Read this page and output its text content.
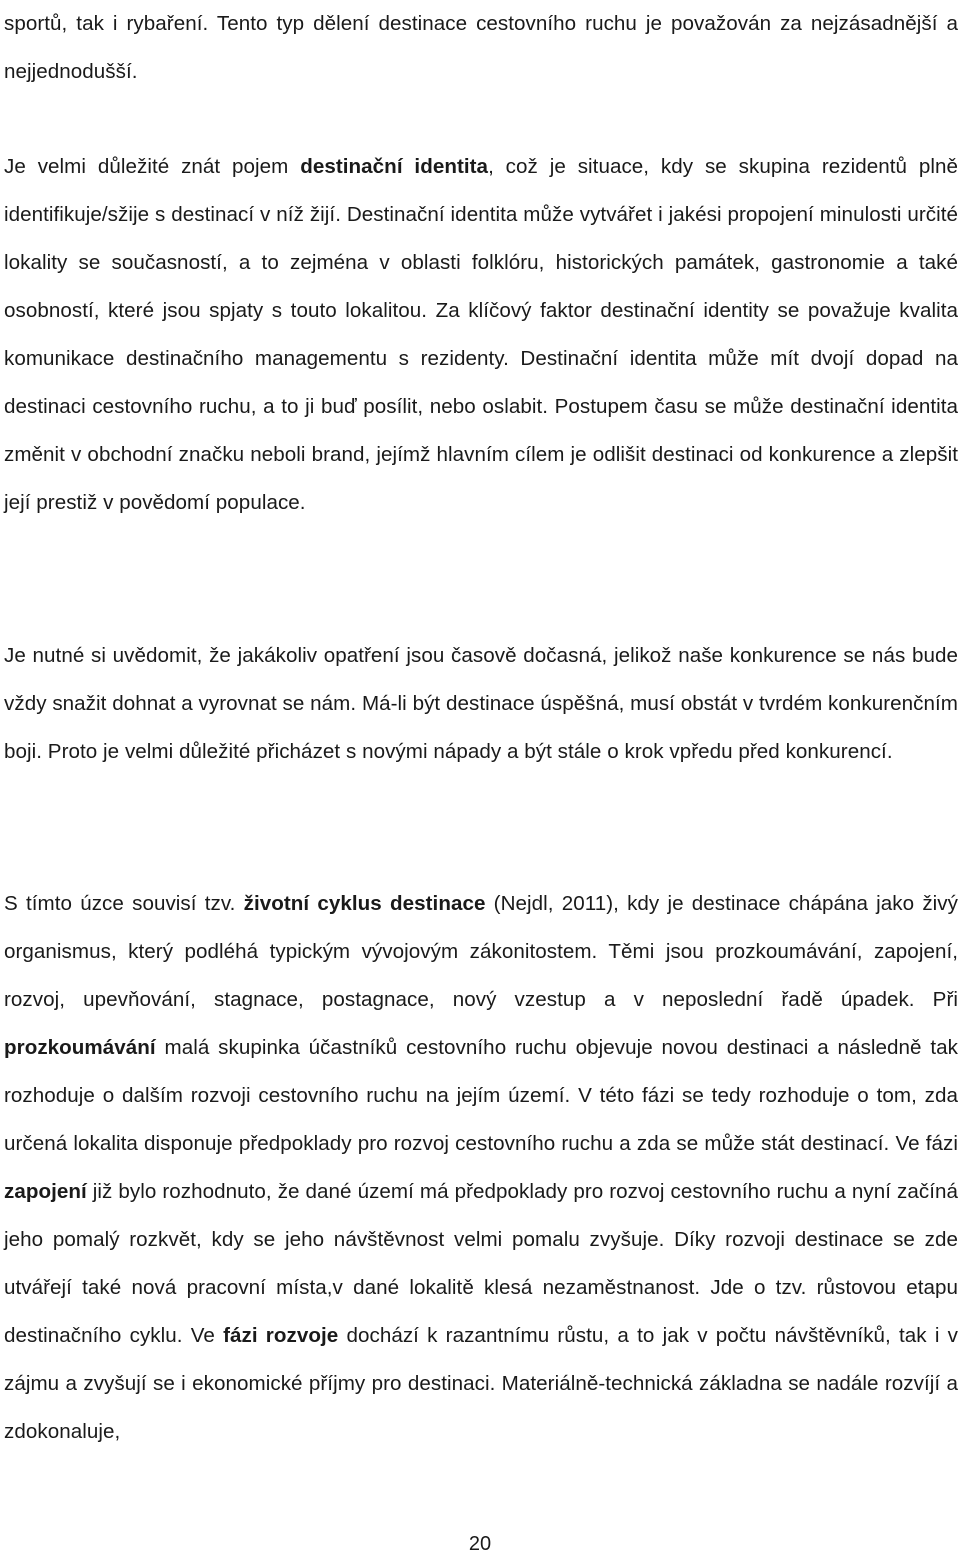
sportů, tak i rybaření. Tento typ dělení destinace cestovního ruchu je považován za nejzásadnější a nejjednodušší.

Je velmi důležité znát pojem destinační identita, což je situace, kdy se skupina rezidentů plně identifikuje/sžije s destinací v níž žijí. Destinační identita může vytvářet i jakési propojení minulosti určité lokality se současností, a to zejména v oblasti folklóru, historických památek, gastronomie a také osobností, které jsou spjaty s touto lokalitou. Za klíčový faktor destinační identity se považuje kvalita komunikace destinačního managementu s rezidenty. Destinační identita může mít dvojí dopad na destinaci cestovního ruchu, a to ji buď posílit, nebo oslabit. Postupem času se může destinační identita změnit v obchodní značku neboli brand, jejímž hlavním cílem je odlišit destinaci od konkurence a zlepšit její prestiž v povědomí populace.

Je nutné si uvědomit, že jakákoliv opatření jsou časově dočasná, jelikož naše konkurence se nás bude vždy snažit dohnat a vyrovnat se nám. Má-li být destinace úspěšná, musí obstát v tvrdém konkurenčním boji. Proto je velmi důležité přicházet s novými nápady a být stále o krok vpředu před konkurencí.

S tímto úzce souvisí tzv. životní cyklus destinace (Nejdl, 2011), kdy je destinace chápána jako živý organismus, který podléhá typickým vývojovým zákonitostem. Těmi jsou prozkoumávání, zapojení, rozvoj, upevňování, stagnace, postagnace, nový vzestup a v neposlední řadě úpadek. Při prozkoumávání malá skupinka účastníků cestovního ruchu objevuje novou destinaci a následně tak rozhoduje o dalším rozvoji cestovního ruchu na jejím území. V této fázi se tedy rozhoduje o tom, zda určená lokalita disponuje předpoklady pro rozvoj cestovního ruchu a zda se může stát destinací. Ve fázi zapojení již bylo rozhodnuto, že dané území má předpoklady pro rozvoj cestovního ruchu a nyní začíná jeho pomalý rozkvět, kdy se jeho návštěvnost velmi pomalu zvyšuje. Díky rozvoji destinace se zde utvářejí také nová pracovní místa,v dané lokalitě klesá nezaměstnanost. Jde o tzv. růstovou etapu destinačního cyklu. Ve fázi rozvoje dochází k razantnímu růstu, a to jak v počtu návštěvníků, tak i v zájmu a zvyšují se i ekonomické příjmy pro destinaci. Materiálně-technická základna se nadále rozvíjí a zdokonaluje,

20
